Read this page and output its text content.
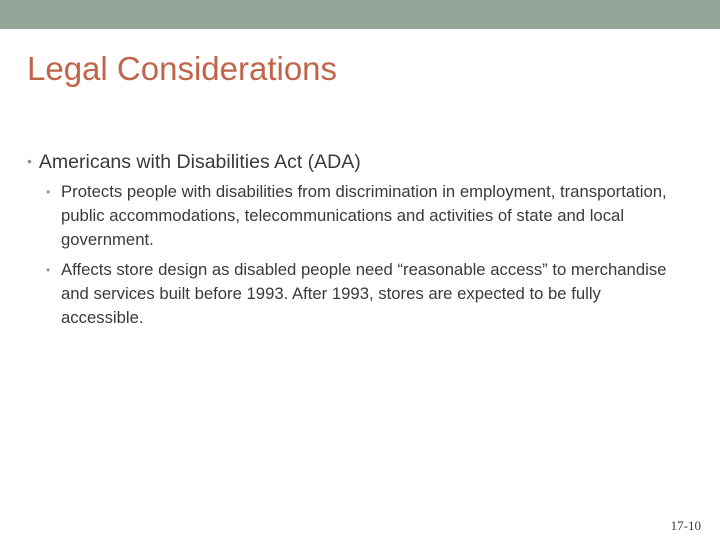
Legal Considerations
• Americans with Disabilities Act (ADA)
• Protects people with disabilities from discrimination in employment, transportation, public accommodations, telecommunications and activities of state and local government.
• Affects store design as disabled people need “reasonable access” to merchandise and services built before 1993. After 1993, stores are expected to be fully accessible.
17-10
